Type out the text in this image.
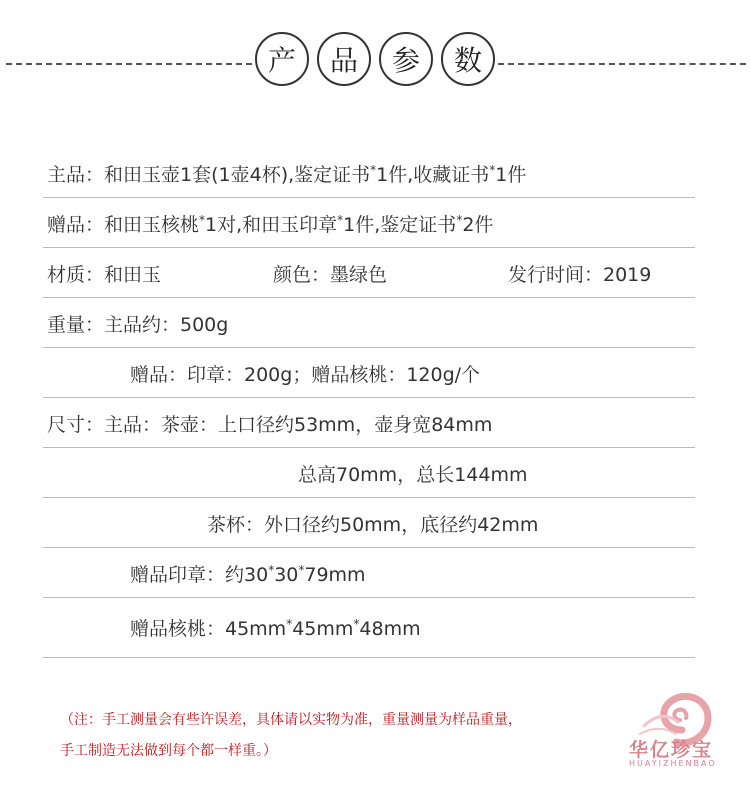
产	品	参	数
主品：和田玉壶1套(1壶4杯),鉴定证书*1件,收藏证书*1件
赠品：和田玉核桃*1对,和田玉印章*1件,鉴定证书*2件
材质：和田玉	颜色：墨绿色	发行时间：2019
重量：主品约：500g
赠品：印章：200g；赠品核桃：120g/个
尺寸：主品：茶壶：上口径约53mm，壶身宽84mm
总高70mm，总长144mm
茶杯：外口径约50mm，底径约42mm
赠品印章：约30*30*79mm
赠品核桃：45mm*45mm*48mm
（注：手工测量会有些许误差，具体请以实物为准，重量测量为样品重量，
手工制造无法做到每个都一样重。）	华亿珍宝
HUAYIZHENBAO
